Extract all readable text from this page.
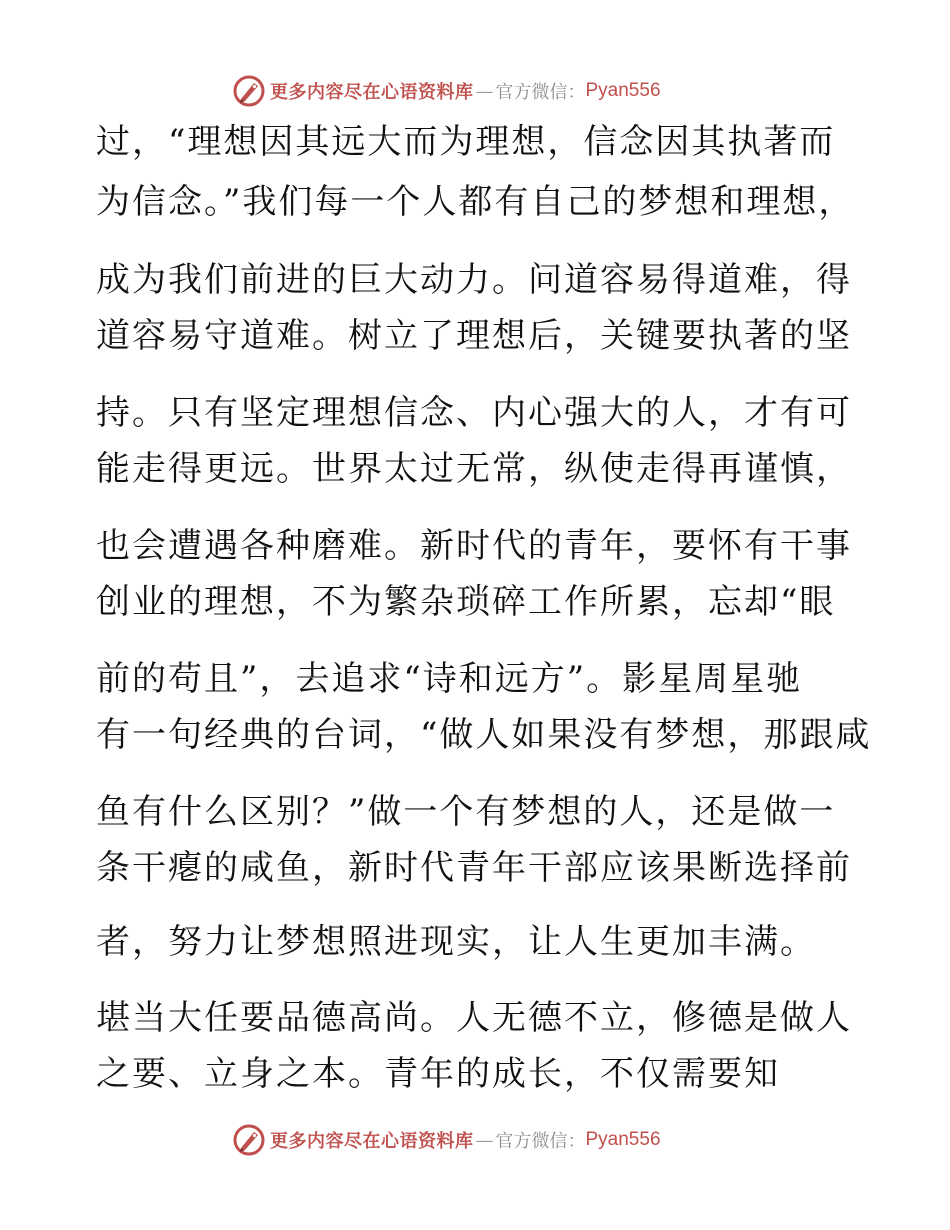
更多内容尽在心语资料库 — 官方微信： Pyan556
过，“理想因其远大而为理想，信念因其执著而
为信念。”我们每一个人都有自己的梦想和理想，
成为我们前进的巨大动力。问道容易得道难，得
道容易守道难。树立了理想后，关键要执著的坚
持。只有坚定理想信念、内心强大的人，才有可
能走得更远。世界太过无常，纵使走得再谨慎，
也会遭遇各种磨难。新时代的青年，要怀有干事
创业的理想，不为繁杂琐碎工作所累，忘却“眼
前的苟且”，去追求“诗和远方”。影星周星驰
有一句经典的台词，“做人如果没有梦想，那跟咸
鱼有什么区别？”做一个有梦想的人，还是做一
条干瘪的咸鱼，新时代青年干部应该果断选择前
者，努力让梦想照进现实，让人生更加丰满。
堪当大任要品德高尚。人无德不立，修德是做人
之要、立身之本。青年的成长，不仅需要知
更多内容尽在心语资料库 — 官方微信： Pyan556
